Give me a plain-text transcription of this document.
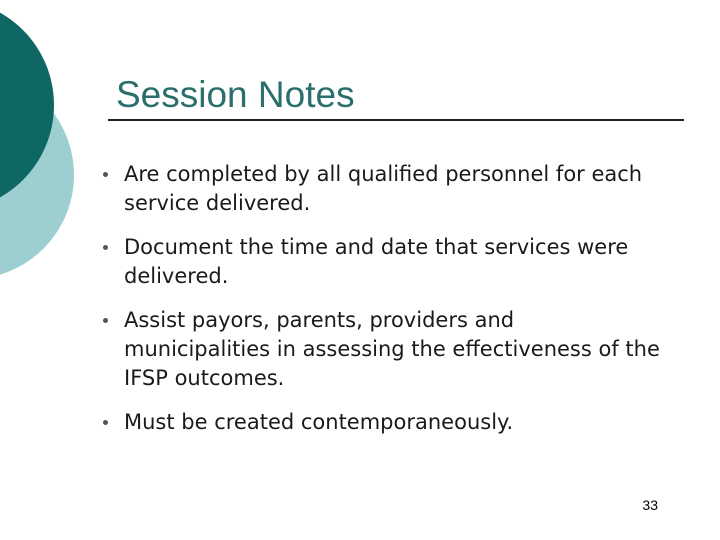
Session Notes
Are completed by all qualified personnel for each service delivered.
Document the time and date that services were delivered.
Assist payors, parents, providers and municipalities in assessing the effectiveness of the IFSP outcomes.
Must be created contemporaneously.
33
